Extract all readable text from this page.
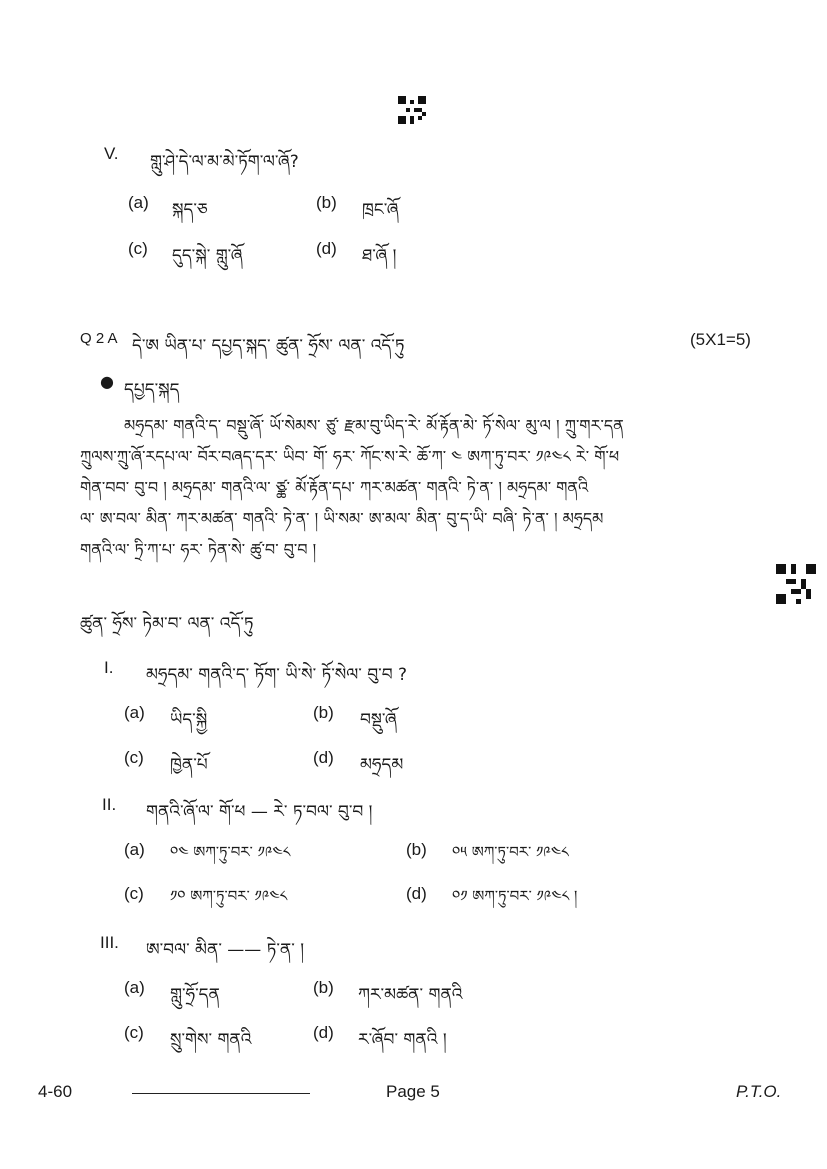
V. གླུ་ཤེ་དེ་ལ་མ་མེ་ཏོག་ལ་ཞོ?
(a) སྐད་ཅ	(b) ཁྲང་ཞོ
(c) དུད་སྐེ་ གླུ་ཞོ	(d) ཐ་ཞོ །
Q 2 A དེ་ཨ ཡིན་པ་ དཔྱད་སྐད་ ཚུན་ ཧྲོས་ ལན་ འདོ་ཏུ	(5X1=5)
● དཔྱད་སྐད
མཧྲདམ་ གནའི་ད་ བསྡུ་ཞོ་ ཡོ་སེམས་ ཙུ་ རྫམ་བུ་ཡིད་རེ་ མོ་རྟོན་མེ་ ཏོ་སེལ་ མུ་ལ ། ཀྲུ་གར་དན
ཀྲུལས་ཀྲུ་ཞོ་རདཔ་ལ་ བོར་བཞད་དར་ ཡིབ་ གོ་ ཧར་ ཀོང་ས་རེ་ ཆོ་ཀ་ ༤ ཨཀ་ཏུ་བར་ ༡༩༤༨ རེ་ གོ་ཕ
གེན་བབ་ བུ་བ ། མཧྲདམ་ གནའི་ལ་ ཙྪ་ མོ་རྟོན་དཔ་ ཀར་མཚན་ གནའི་ ཏེ་ན་ ། མཧྲདམ་ གནའི
ལ་ ཨ་བལ་ མིན་ ཀར་མཚན་ གནའི་ ཏེ་ན་ ། ཡི་སམ་ ཨ་མལ་ མིན་ བུ་ད་ཡི་ བཞི་ ཏེ་ན་ ། མཧྲདམ
གནའི་ལ་ ཏྲི་ཀ་པ་ ཧར་ ཏེན་སེ་ ཚུ་བ་ བུ་བ །
ཚུན་ ཧྲོས་ ཏེམ་བ་ ལན་ འདོ་ཏུ
I. མཧྲདམ་ གནའི་ད་ ཏོག་ ཡི་སེ་ ཏོ་སེལ་ བུ་བ ?
(a) ཡིད་སྐྱི	(b) བསྡུ་ཞོ
(c) ཁྱེན་པོ	(d) མཧྲདམ
II. གནའི་ཞོ་ལ་ གོ་ཕ — རེ་ ཏ་བལ་ བུ་བ །
(a) ༠༤ ཨཀ་ཏུ་བར་ ༡༩༤༨	(b) ༠༥ ཨཀ་ཏུ་བར་ ༡༩༤༨
(c) ༡༠ ཨཀ་ཏུ་བར་ ༡༩༤༨	(d) ༠༡ ཨཀ་ཏུ་བར་ ༡༩༤༨ །
III. ཨ་བལ་ མིན་ —— ཏེ་ན་ །
(a) གླུ་ཧྲོ་དན	(b) ཀར་མཚན་ གནའི
(c) སྲུ་གེས་ གནའི	(d) ར་ཞོབ་ གནའི །
4-60	Page 5	P.T.O.
